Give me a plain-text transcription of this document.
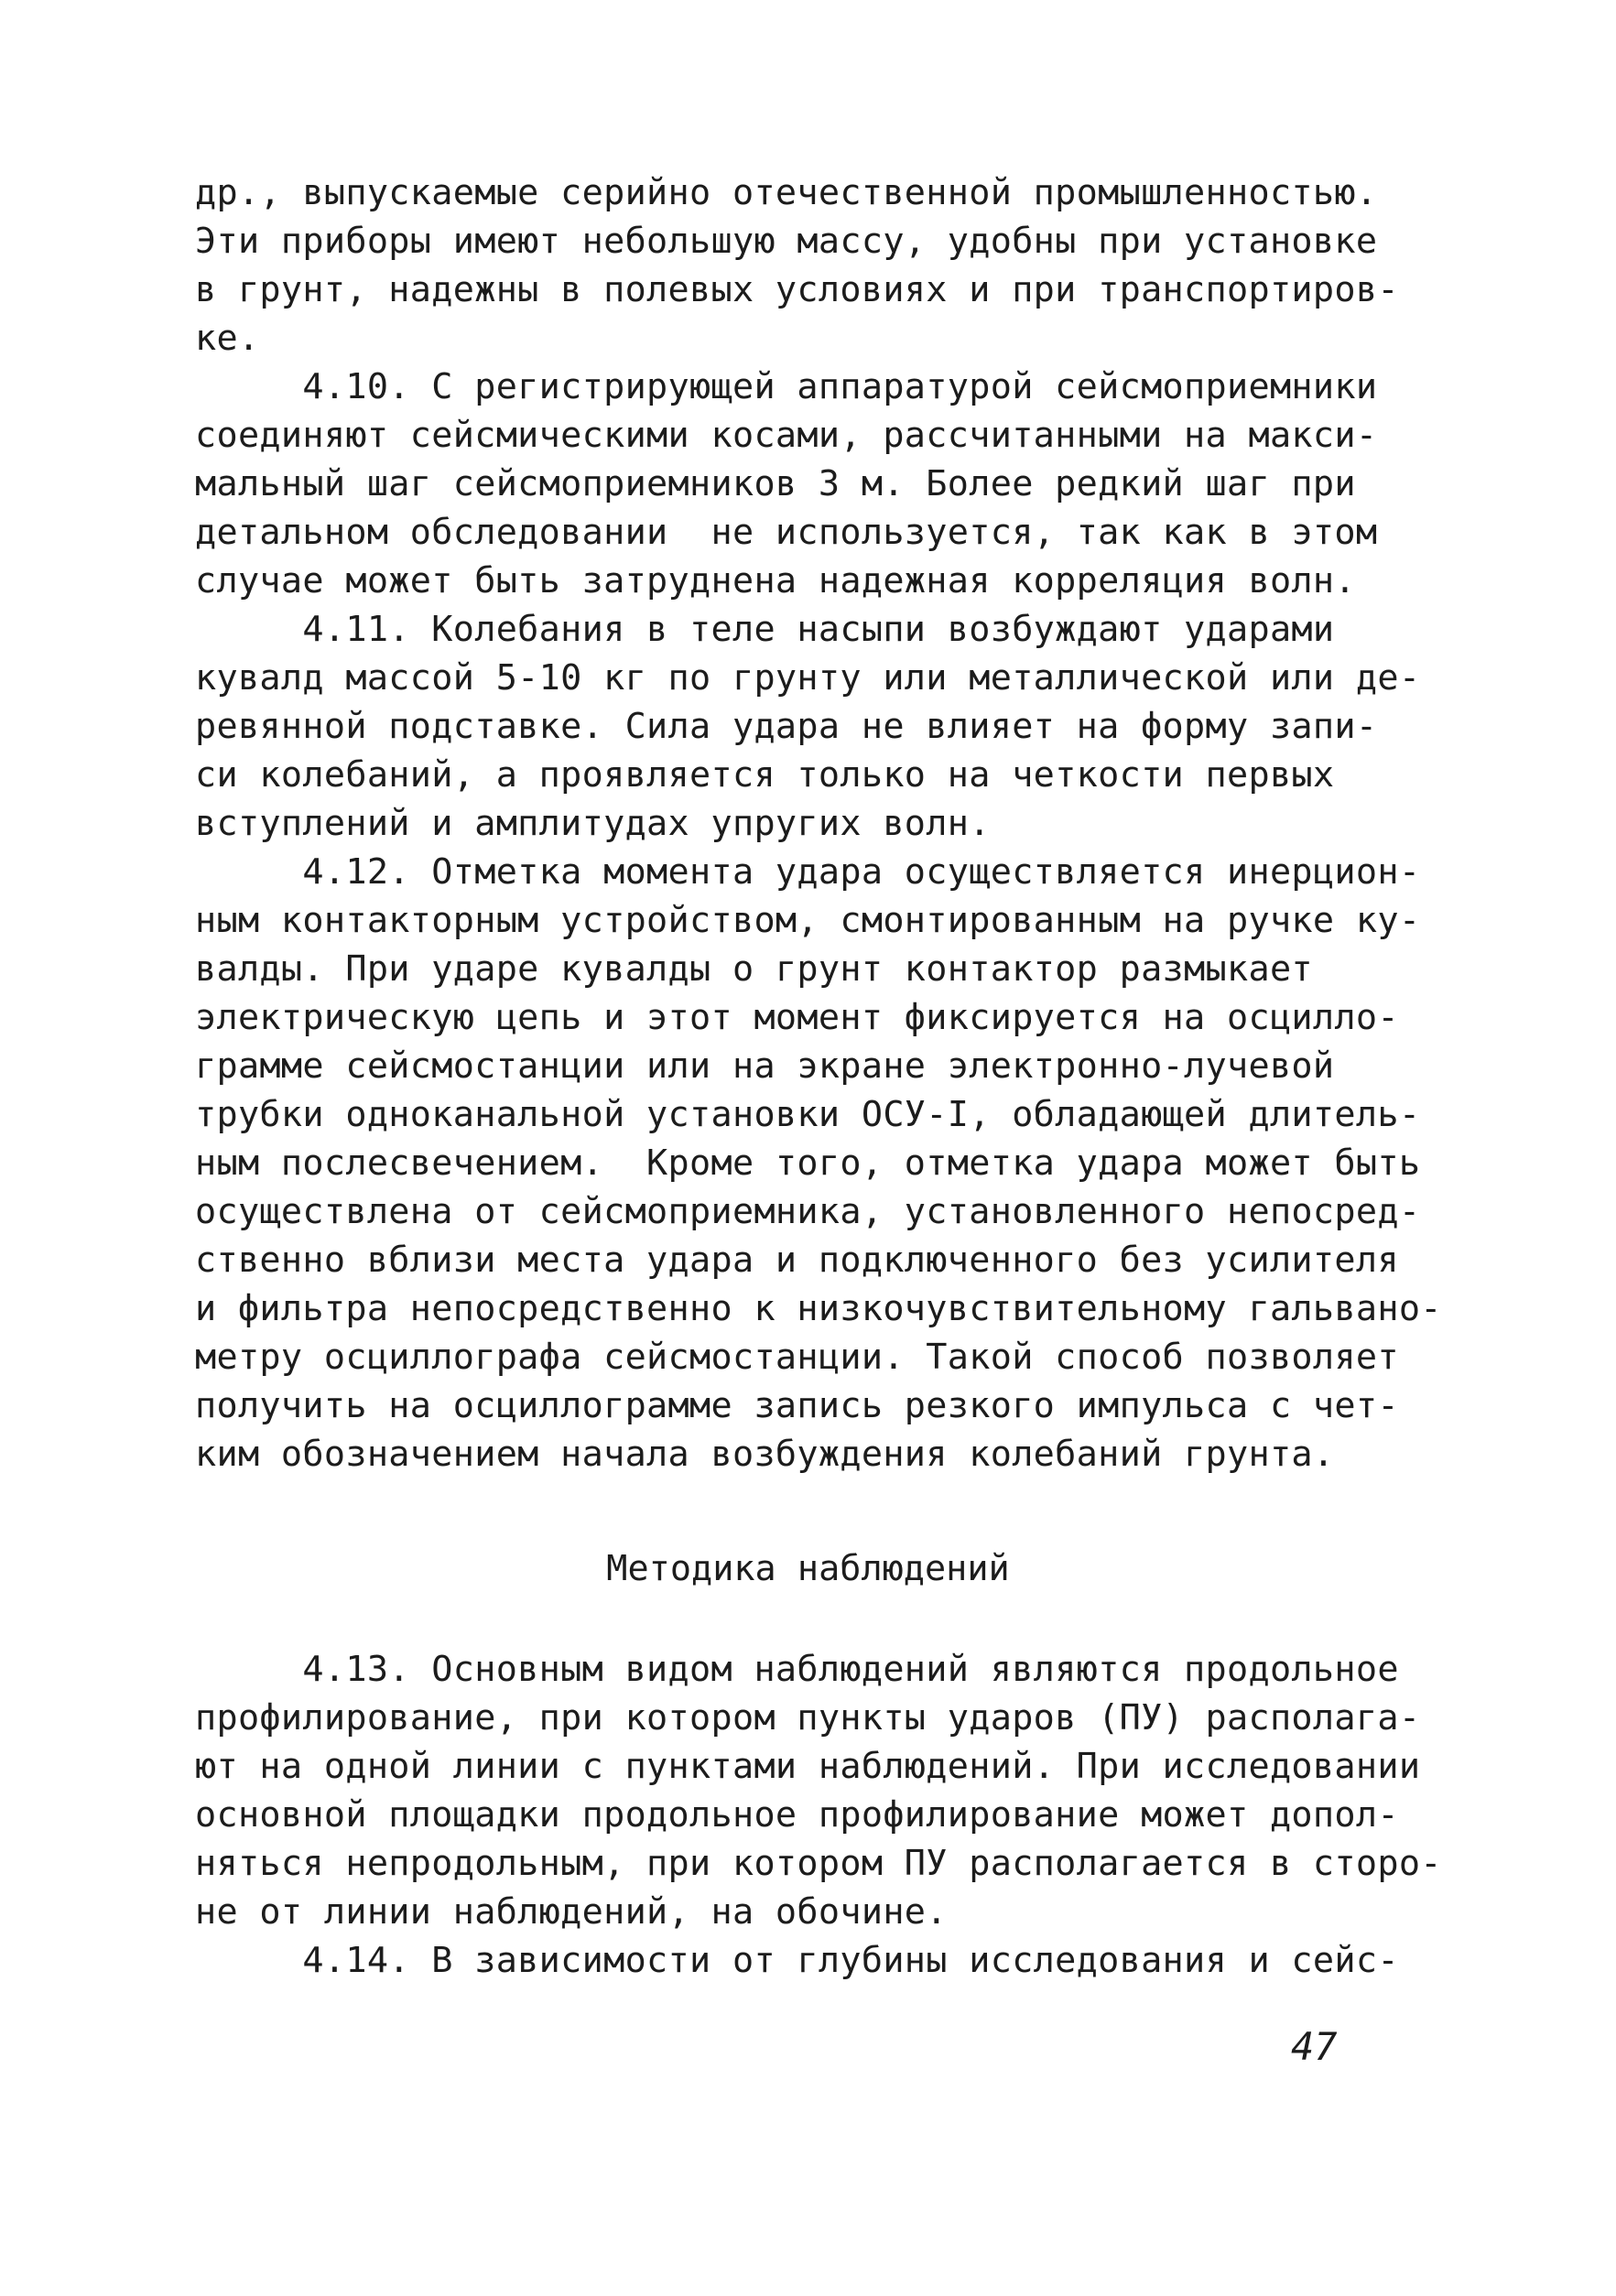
др., выпускаемые серийно отечественной промышленностью.
Эти приборы имеют небольшую массу, удобны при установке
в грунт, надежны в полевых условиях и при транспортиров-
ке.
4.10. С регистрирующей аппаратурой сейсмоприемники
соединяют сейсмическими косами, рассчитанными на макси-
мальный шаг сейсмоприемников 3 м. Более редкий шаг при
детальном обследовании  не используется, так как в этом
случае может быть затруднена надежная корреляция волн.
4.11. Колебания в теле насыпи возбуждают ударами
кувалд массой 5-10 кг по грунту или металлической или де-
ревянной подставке. Сила удара не влияет на форму запи-
си колебаний, а проявляется только на четкости первых
вступлений и амплитудах упругих волн.
4.12. Отметка момента удара осуществляется инерцион-
ным контакторным устройством, смонтированным на ручке ку-
валды. При ударе кувалды о грунт контактор размыкает
электрическую цепь и этот момент фиксируется на осцилло-
грамме сейсмостанции или на экране электронно-лучевой
трубки одноканальной установки ОСУ-I, обладающей длитель-
ным послесвечением.  Кроме того, отметка удара может быть
осуществлена от сейсмоприемника, установленного непосред-
ственно вблизи места удара и подключенного без усилителя
и фильтра непосредственно к низкочувствительному гальвано-
метру осциллографа сейсмостанции. Такой способ позволяет
получить на осциллограмме запись резкого импульса с чет-
ким обозначением начала возбуждения колебаний грунта.
Методика наблюдений
4.13. Основным видом наблюдений являются продольное
профилирование, при котором пункты ударов (ПУ) располага-
ют на одной линии с пунктами наблюдений. При исследовании
основной площадки продольное профилирование может допол-
няться непродольным, при котором ПУ располагается в сторо-
не от линии наблюдений, на обочине.
4.14. В зависимости от глубины исследования и сейс-
47
